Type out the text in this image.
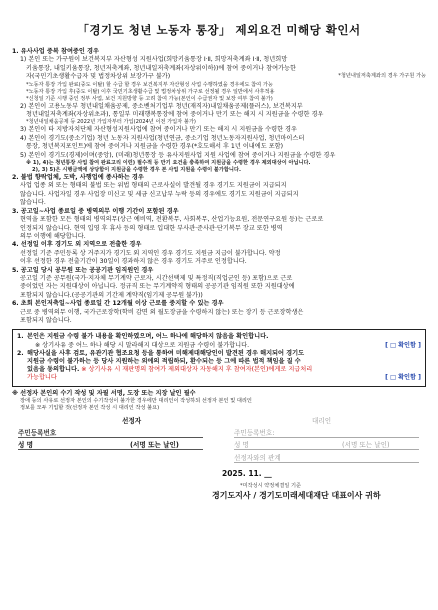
「경기도 청년 노동자 통장」 제외요건 미해당 확인서

1. 유사사업 중복 참여중인 경우

1) 본인 또는 가구원이 보건복지부 자산형성 지원사업(희망키움통장 Ⅰ·Ⅱ, 희망저축계좌 Ⅰ·Ⅱ, 청년희망

키움통장, 내일키움통장, 청년저축계좌, 청년내일저축계좌(자상위이하))에 참여 중이거나 참여가능한

자(국민기초생활수급자 및 법정차상위 보장가구 불가)	*청년내일저축계좌의 경우 가구원 가능

*노동자 통장 가입 완료(중도 이탈) 할 수급 할 경우 보건복지부 자산형성 사업 수행하였을 경우에도 참여 가능

*노동자 통장 가입 후(중도 이탈) 이후 국민기초생활수급 및 법정차상위 가구로 선정될 경우 일반에서 사후적용

*신청일 기준 시행 중인 정부 사업, 보건 지원방향 등 고려 참여 가능(본인이 수급권자 및 보장 여부 참여 불가)

2) 본인이 고용노동부 청년내일채움공제, 중소벤처기업부 청년(재직자)내일채움공제(플러스), 보건복지부

청년내일저축계좌(자상위초과), 통일부 미래행복통장에 참여 중이거나 만기 또는 해지 시 지원금을 수령한 경우

*청년내일채움공제 등 2022년 가입자부터 가입(2024년 이전 가입자 불가)

3) 본인이 타 지방자치단체 자산형성지원사업에 참여 중이거나 만기 또는 해지 시 지원금을 수령한 경우

4) 본인이 경기도(중소기업) 청년 노동자 지원사업(청년연금, 중소기업 청년노동자지원사업, 청년마이스터

통장, 청년복지포인트)에 참여 중이거나 지원금을 수령한 경우(*호도해서 후 1년 이내에도 포함)

5) 본인이 경기도(경제)이며(중앙), (미래)청년통장 등 유사지원사업 지원 사업에 참여 중이거나 지원금을 수령한 경우

※ 1), 4)는 청년통장 사업 참여 완료고리 이런) 필수적 등 만기 요건을 충족하여 지원금을 수령한 경우 제외대상이 아닙니다.

2), 3) 5)은 시행금액에 상당함이 지원금을 수령한 경우 본 사업 지원을 수령이 불가합니다.

2. 불법 향락업체, 도박, 사행업에 종사하는 경우

사업 업종 외 또는 형태의 불법 또는 위법 형태의 근로사실이 발견될 경우 경기도 지원금이 지급되지

않습니다. 사업자일 경우 사업장 미신고 및 세금 신고납부 누락 등의 경우에도 경기도 지원금이 지급되지

않습니다.

3. 공고일~사업 종료일 중 병역의무 이행 기간이 포함된 경우

현역을 포함한 모든 형태의 병역의무(상근 예비역, 전환복무, 사회복무, 산업기능요원, 전문연구요원 등)는 근로로

인정되지 않습니다. 현역 입영 후 휴사 등의 형태로 입대한 부사관·준사관·단기복무 장교 또한 병역

의무 이행에 해당합니다.

4. 선정일 이후 경기도 외 지역으로 전출한 경우

선정일 기준 주민등록 상 거주지가 경기도 외 지역인 경우 경기도 지원금 지급이 불가합니다. 약정

이후 선정한 경우 전출기간이 30일이 경과하지 않은 경우 경기도 거주로 인정합니다.

5. 공고일 당시 공무원 또는 공공기관 임직원인 경우

공고일 기준 공무원(국가·지자체 무기계약 근로자, 시간선택제 및 특정직(직업군인 등) 포함)으로 근로

중이었던 자는 지원대상이 아닙니다. 정규직 또는 무기계약직 형태의 공공기관 임직원 또한 지원대상에

포함되지 않습니다.(공공기관의 기간제 계약직(임기제 공무원 불가))

6. 초회 본인저축일~사업 종료일 간 12개월 이상 근로를 중지할 수 있는 경우

근로 중 병역의무 이행, 국가근로장학(학비 감면 외 월도장금을 수령하지 않는) 또는 장기 등 근로장학생은

포함되지 않습니다.

1. 본인은 지원금 수령 불가 내용을 확인하였으며, 어느 하나에 해당하지 않음을 확인합니다.
※ 상기사유 중 어느 하나 해당 시 말라해지 대상으로 지원금 수령이 불가합니다.	[ □ 확인함 ]
2. 해당사실을 사후 검토, 유관기관 협조요청 등을 통하여 미해제대해당인이 발견된 경우 해지되어 경기도
지원금 수령이 불가하는 등 당사 지원하는 외에의 적립하되, 환수되는 등 그에 따른 법적 책임을 질 수
있음을 동의합니다. ※ 상기사유 시 재판명의 참여가 제외대상자 자동해지 후 참여자(본인)에게로 지급처리
가능합니다	[ □ 확인함 ]

※ 선정자 본인의 수기 작성 및 자필 서명, 도장 또는 지장 날인 필수

장애 등의 사유로 선정자 본인의 수기작성이 불가한 경우에만 대리인이 작성하되 선정자 본인 및 대리인

정보를 모두 기입할 것(선정자 본인 작성 시 대리인 작성 불요)

선정자	대리인
주민등록번호	주민등록번호:
성 명	(서명 또는 날인)	성 명	(서명 또는 날인)
선정자와의 관계
2025. 11. __
*미작성시 약정체결일 기준
경기도지사 / 경기도미래세대재단 대표이사 귀하
